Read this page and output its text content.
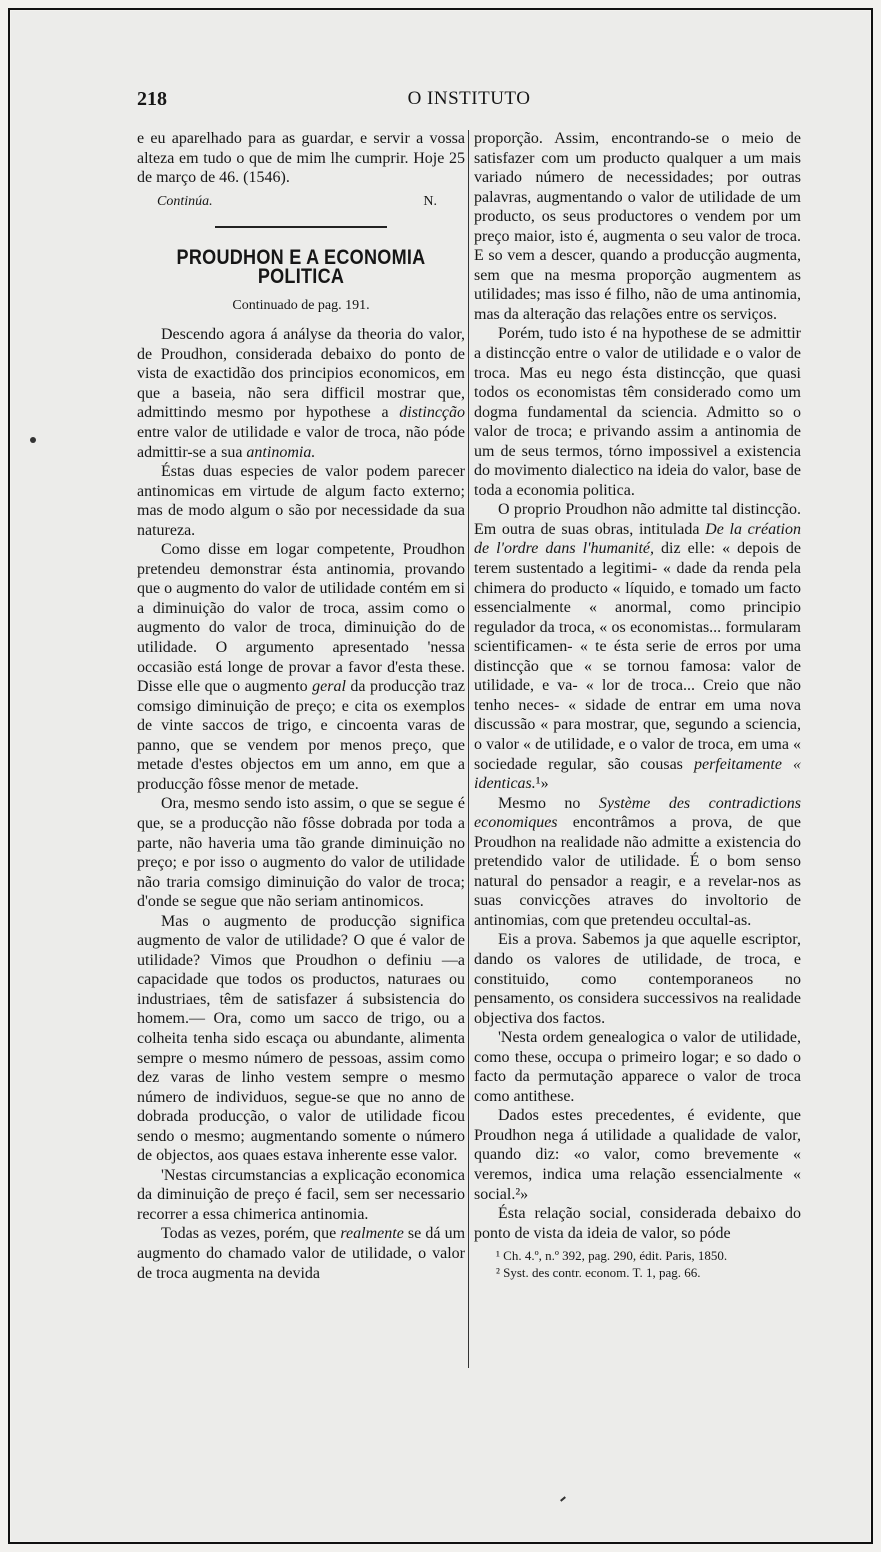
218	O INSTITUTO

e eu aparelhado para as guardar, e servir a vossa alteza em tudo o que de mim lhe cumprir. Hoje 25 de março de 46. (1546).

Continúa.	N.
PROUDHON E A ECONOMIA POLITICA
Continuado de pag. 191.

Descendo agora á anályse da theoria do valor, de Proudhon, considerada debaixo do ponto de vista de exactidão dos principios economicos, em que a baseia, não sera difficil mostrar que, admittindo mesmo por hypothese a distincção entre valor de utilidade e valor de troca, não póde admittir-se a sua antinomia.

Éstas duas especies de valor podem parecer antinomicas em virtude de algum facto externo; mas de modo algum o são por necessidade da sua natureza.

Como disse em logar competente, Proudhon pretendeu demonstrar ésta antinomia, provando que o augmento do valor de utilidade contém em si a diminuição do valor de troca, assim como o augmento do valor de troca, diminuição do de utilidade. O argumento apresentado 'nessa occasião está longe de provar a favor d'esta these. Disse elle que o augmento geral da producção traz comsigo diminuição de preço; e cita os exemplos de vinte saccos de trigo, e cincoenta varas de panno, que se vendem por menos preço, que metade d'estes objectos em um anno, em que a producção fôsse menor de metade.

Ora, mesmo sendo isto assim, o que se segue é que, se a producção não fôsse dobrada por toda a parte, não haveria uma tão grande diminuição no preço; e por isso o augmento do valor de utilidade não traria comsigo diminuição do valor de troca; d'onde se segue que não seriam antinomicos.

Mas o augmento de producção significa augmento de valor de utilidade? O que é valor de utilidade? Vimos que Proudhon o definiu —a capacidade que todos os productos, naturaes ou industriaes, têm de satisfazer á subsistencia do homem.— Ora, como um sacco de trigo, ou a colheita tenha sido escaça ou abundante, alimenta sempre o mesmo número de pessoas, assim como dez varas de linho vestem sempre o mesmo número de individuos, segue-se que no anno de dobrada producção, o valor de utilidade ficou sendo o mesmo; augmentando somente o número de objectos, aos quaes estava inherente esse valor.

'Nestas circumstancias a explicação economica da diminuição de preço é facil, sem ser necessario recorrer a essa chimerica antinomia.

Todas as vezes, porém, que realmente se dá um augmento do chamado valor de utilidade, o valor de troca augmenta na devida

proporção. Assim, encontrando-se o meio de satisfazer com um producto qualquer a um mais variado número de necessidades; por outras palavras, augmentando o valor de utilidade de um producto, os seus productores o vendem por um preço maior, isto é, augmenta o seu valor de troca. E so vem a descer, quando a producção augmenta, sem que na mesma proporção augmentem as utilidades; mas isso é filho, não de uma antinomia, mas da alteração das relações entre os serviços.

Porém, tudo isto é na hypothese de se admittir a distincção entre o valor de utilidade e o valor de troca. Mas eu nego ésta distincção, que quasi todos os economistas têm considerado como um dogma fundamental da sciencia. Admitto so o valor de troca; e privando assim a antinomia de um de seus termos, tórno impossivel a existencia do movimento dialectico na ideia do valor, base de toda a economia politica.

O proprio Proudhon não admitte tal distincção. Em outra de suas obras, intitulada De la création de l'ordre dans l'humanité, diz elle: « depois de terem sustentado a legitimi- « dade da renda pela chimera do producto « líquido, e tomado um facto essencialmente « anormal, como principio regulador da troca, « os economistas... formularam scientificamen- « te ésta serie de erros por uma distincção que « se tornou famosa: valor de utilidade, e va- « lor de troca... Creio que não tenho neces- « sidade de entrar em uma nova discussão « para mostrar, que, segundo a sciencia, o valor « de utilidade, e o valor de troca, em uma « sociedade regular, são cousas perfeitamente « identicas.¹»

Mesmo no Système des contradictions economiques encontrâmos a prova, de que Proudhon na realidade não admitte a existencia do pretendido valor de utilidade. É o bom senso natural do pensador a reagir, e a revelar-nos as suas convicções atraves do involtorio de antinomias, com que pretendeu occultal-as.

Eis a prova. Sabemos ja que aquelle escriptor, dando os valores de utilidade, de troca, e constituido, como contemporaneos no pensamento, os considera successivos na realidade objectiva dos factos.

'Nesta ordem genealogica o valor de utilidade, como these, occupa o primeiro logar; e so dado o facto da permutação apparece o valor de troca como antithese.

Dados estes precedentes, é evidente, que Proudhon nega á utilidade a qualidade de valor, quando diz: «o valor, como brevemente « veremos, indica uma relação essencialmente « social.²»

Ésta relação social, considerada debaixo do ponto de vista da ideia de valor, so póde

¹ Ch. 4.º, n.º 392, pag. 290, édit. Paris, 1850.

² Syst. des contr. econom. T. 1, pag. 66.
